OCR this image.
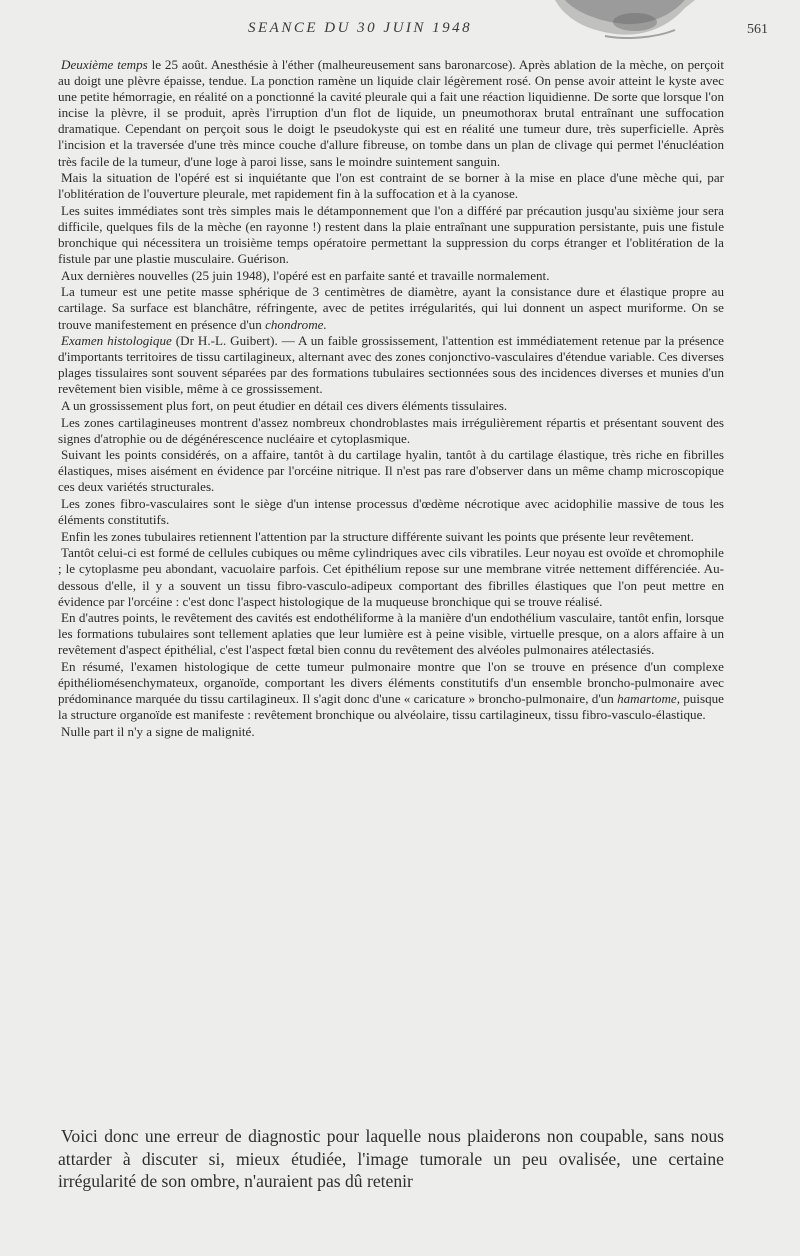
SEANCE DU 30 JUIN 1948	561

Deuxième temps le 25 août. Anesthésie à l'éther (malheureusement sans baronarcose). Après ablation de la mèche, on perçoit au doigt une plèvre épaisse, tendue. La ponction ramène un liquide clair légèrement rosé. On pense avoir atteint le kyste avec une petite hémorragie, en réalité on a ponctionné la cavité pleurale qui a fait une réaction liquidienne. De sorte que lorsque l'on incise la plèvre, il se produit, après l'irruption d'un flot de liquide, un pneumothorax brutal entraînant une suffocation dramatique. Cependant on perçoit sous le doigt le pseudokyste qui est en réalité une tumeur dure, très superficielle. Après l'incision et la traversée d'une très mince couche d'allure fibreuse, on tombe dans un plan de clivage qui permet l'énucléation très facile de la tumeur, d'une loge à paroi lisse, sans le moindre suintement sanguin.

Mais la situation de l'opéré est si inquiétante que l'on est contraint de se borner à la mise en place d'une mèche qui, par l'oblitération de l'ouverture pleurale, met rapidement fin à la suffocation et à la cyanose.

Les suites immédiates sont très simples mais le détamponnement que l'on a différé par précaution jusqu'au sixième jour sera difficile, quelques fils de la mèche (en rayonne !) restent dans la plaie entraînant une suppuration persistante, puis une fistule bronchique qui nécessitera un troisième temps opératoire permettant la suppression du corps étranger et l'oblitération de la fistule par une plastie musculaire. Guérison.

Aux dernières nouvelles (25 juin 1948), l'opéré est en parfaite santé et travaille normalement.

La tumeur est une petite masse sphérique de 3 centimètres de diamètre, ayant la consistance dure et élastique propre au cartilage. Sa surface est blanchâtre, réfringente, avec de petites irrégularités, qui lui donnent un aspect muriforme. On se trouve manifestement en présence d'un chondrome.

Examen histologique (Dr H.-L. Guibert). — A un faible grossissement, l'attention est immédiatement retenue par la présence d'importants territoires de tissu cartilagineux, alternant avec des zones conjonctivo-vasculaires d'étendue variable. Ces diverses plages tissulaires sont souvent séparées par des formations tubulaires sectionnées sous des incidences diverses et munies d'un revêtement bien visible, même à ce grossissement.

A un grossissement plus fort, on peut étudier en détail ces divers éléments tissulaires.

Les zones cartilagineuses montrent d'assez nombreux chondroblastes mais irrégulièrement répartis et présentant souvent des signes d'atrophie ou de dégénérescence nucléaire et cytoplasmique.

Suivant les points considérés, on a affaire, tantôt à du cartilage hyalin, tantôt à du cartilage élastique, très riche en fibrilles élastiques, mises aisément en évidence par l'orcéine nitrique. Il n'est pas rare d'observer dans un même champ microscopique ces deux variétés structurales.

Les zones fibro-vasculaires sont le siège d'un intense processus d'œdème nécrotique avec acidophilie massive de tous les éléments constitutifs.

Enfin les zones tubulaires retiennent l'attention par la structure différente suivant les points que présente leur revêtement.

Tantôt celui-ci est formé de cellules cubiques ou même cylindriques avec cils vibratiles. Leur noyau est ovoïde et chromophile ; le cytoplasme peu abondant, vacuolaire parfois. Cet épithélium repose sur une membrane vitrée nettement différenciée. Au-dessous d'elle, il y a souvent un tissu fibro-vasculo-adipeux comportant des fibrilles élastiques que l'on peut mettre en évidence par l'orcéine : c'est donc l'aspect histologique de la muqueuse bronchique qui se trouve réalisé.

En d'autres points, le revêtement des cavités est endothéliforme à la manière d'un endothélium vasculaire, tantôt enfin, lorsque les formations tubulaires sont tellement aplaties que leur lumière est à peine visible, virtuelle presque, on a alors affaire à un revêtement d'aspect épithélial, c'est l'aspect fœtal bien connu du revêtement des alvéoles pulmonaires atélectasiés.

En résumé, l'examen histologique de cette tumeur pulmonaire montre que l'on se trouve en présence d'un complexe épithéliomésenchymateux, organoïde, comportant les divers éléments constitutifs d'un ensemble broncho-pulmonaire avec prédominance marquée du tissu cartilagineux. Il s'agit donc d'une « caricature » broncho-pulmonaire, d'un hamartome, puisque la structure organoïde est manifeste : revêtement bronchique ou alvéolaire, tissu cartilagineux, tissu fibro-vasculo-élastique.

Nulle part il n'y a signe de malignité.

Voici donc une erreur de diagnostic pour laquelle nous plaiderons non coupable, sans nous attarder à discuter si, mieux étudiée, l'image tumorale un peu ovalisée, une certaine irrégularité de son ombre, n'auraient pas dû retenir
